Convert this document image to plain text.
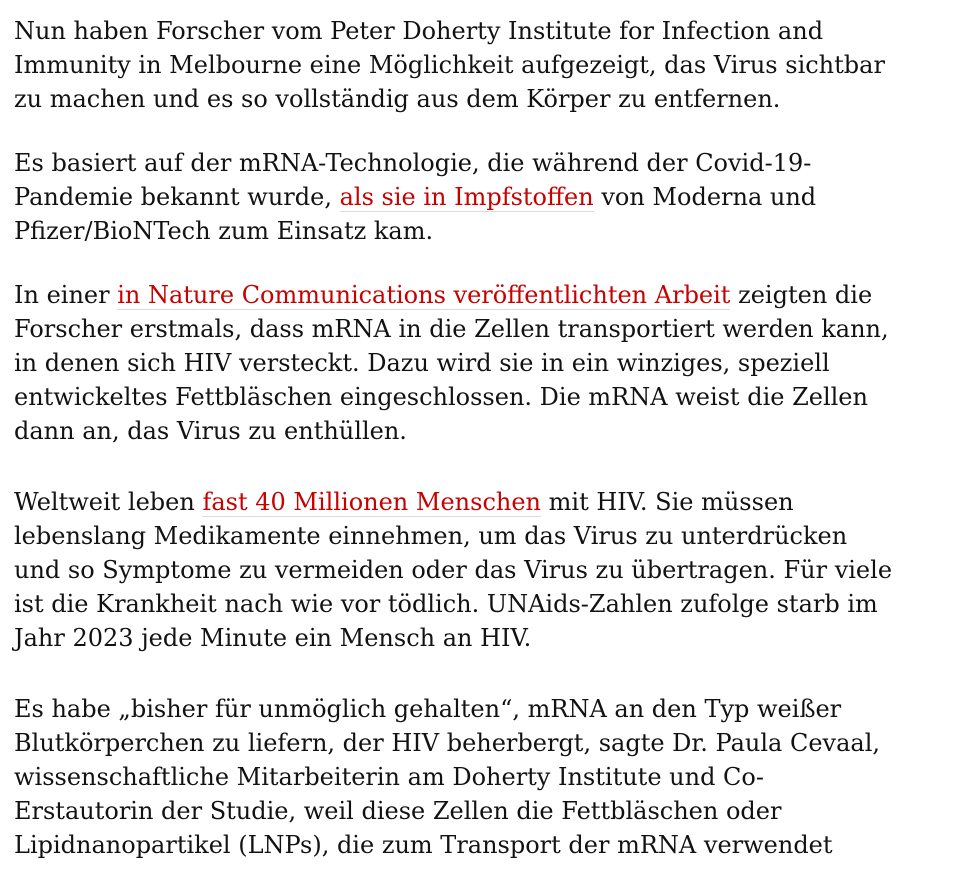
Nun haben Forscher vom Peter Doherty Institute for Infection and
Immunity in Melbourne eine Möglichkeit aufgezeigt, das Virus sichtbar
zu machen und es so vollständig aus dem Körper zu entfernen.

Es basiert auf der mRNA-Technologie, die während der Covid-19-
Pandemie bekannt wurde, als sie in Impfstoffen von Moderna und
Pfizer/BioNTech zum Einsatz kam.

In einer in Nature Communications veröffentlichten Arbeit zeigten die
Forscher erstmals, dass mRNA in die Zellen transportiert werden kann,
in denen sich HIV versteckt. Dazu wird sie in ein winziges, speziell
entwickeltes Fettbläschen eingeschlossen. Die mRNA weist die Zellen
dann an, das Virus zu enthüllen.

Weltweit leben fast 40 Millionen Menschen mit HIV. Sie müssen
lebenslang Medikamente einnehmen, um das Virus zu unterdrücken
und so Symptome zu vermeiden oder das Virus zu übertragen. Für viele
ist die Krankheit nach wie vor tödlich. UNAids-Zahlen zufolge starb im
Jahr 2023 jede Minute ein Mensch an HIV.

Es habe „bisher für unmöglich gehalten“, mRNA an den Typ weißer
Blutkörperchen zu liefern, der HIV beherbergt, sagte Dr. Paula Cevaal,
wissenschaftliche Mitarbeiterin am Doherty Institute und Co-
Erstautorin der Studie, weil diese Zellen die Fettbläschen oder
Lipidnanopartikel (LNPs), die zum Transport der mRNA verwendet
